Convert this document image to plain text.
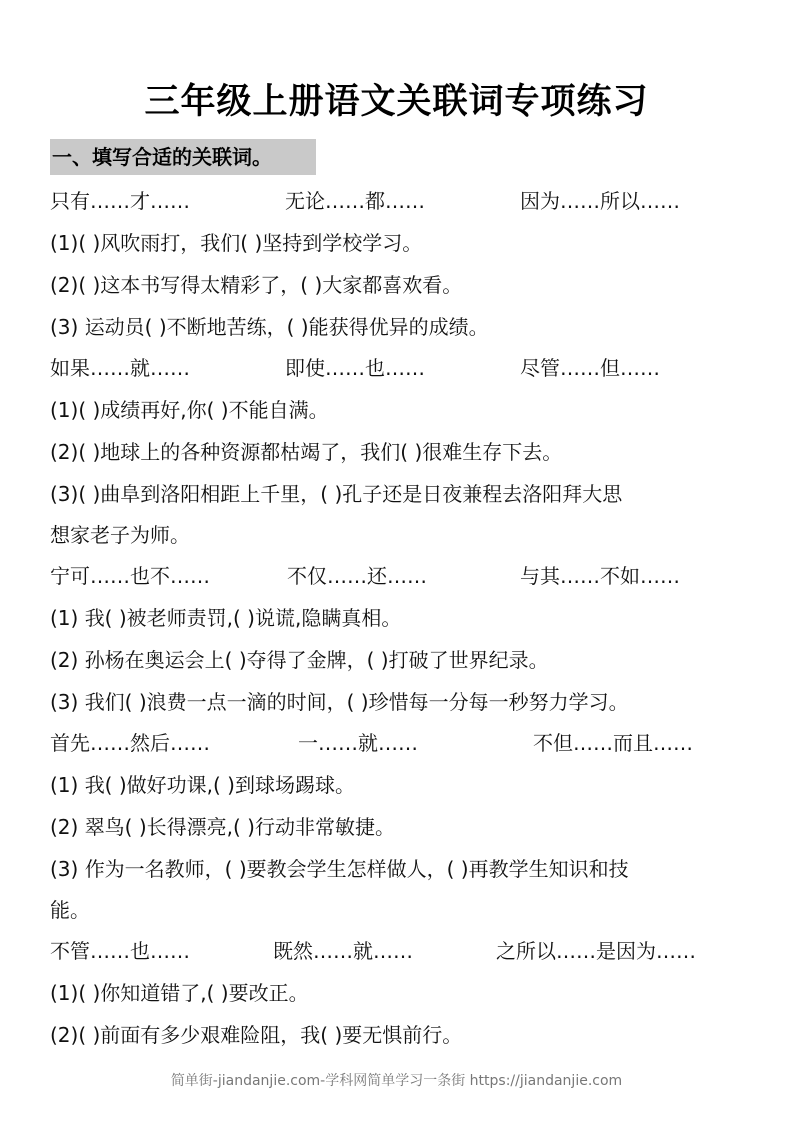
三年级上册语文关联词专项练习
一、填写合适的关联词。
只有……才……	无论……都……	因为……所以……
(1)( )风吹雨打，我们( )坚持到学校学习。
(2)( )这本书写得太精彩了，( )大家都喜欢看。
(3) 运动员( )不断地苦练，( )能获得优异的成绩。
如果……就……	即使……也……	尽管……但……
(1)( )成绩再好,你( )不能自满。
(2)( )地球上的各种资源都枯竭了，我们( )很难生存下去。
(3)( )曲阜到洛阳相距上千里，( )孔子还是日夜兼程去洛阳拜大思
想家老子为师。
宁可……也不……	不仅……还……	与其……不如……
(1) 我( )被老师责罚,( )说谎,隐瞒真相。
(2) 孙杨在奥运会上( )夺得了金牌，( )打破了世界纪录。
(3) 我们( )浪费一点一滴的时间，( )珍惜每一分每一秒努力学习。
首先……然后……	一……就……	不但……而且……
(1) 我( )做好功课,( )到球场踢球。
(2) 翠鸟( )长得漂亮,( )行动非常敏捷。
(3) 作为一名教师，( )要教会学生怎样做人，( )再教学生知识和技
能。
不管……也……	既然……就……	之所以……是因为……
(1)( )你知道错了,( )要改正。
(2)( )前面有多少艰难险阻，我( )要无惧前行。
简单街-jiandanjie.com-学科网简单学习一条街 https://jiandanjie.com
